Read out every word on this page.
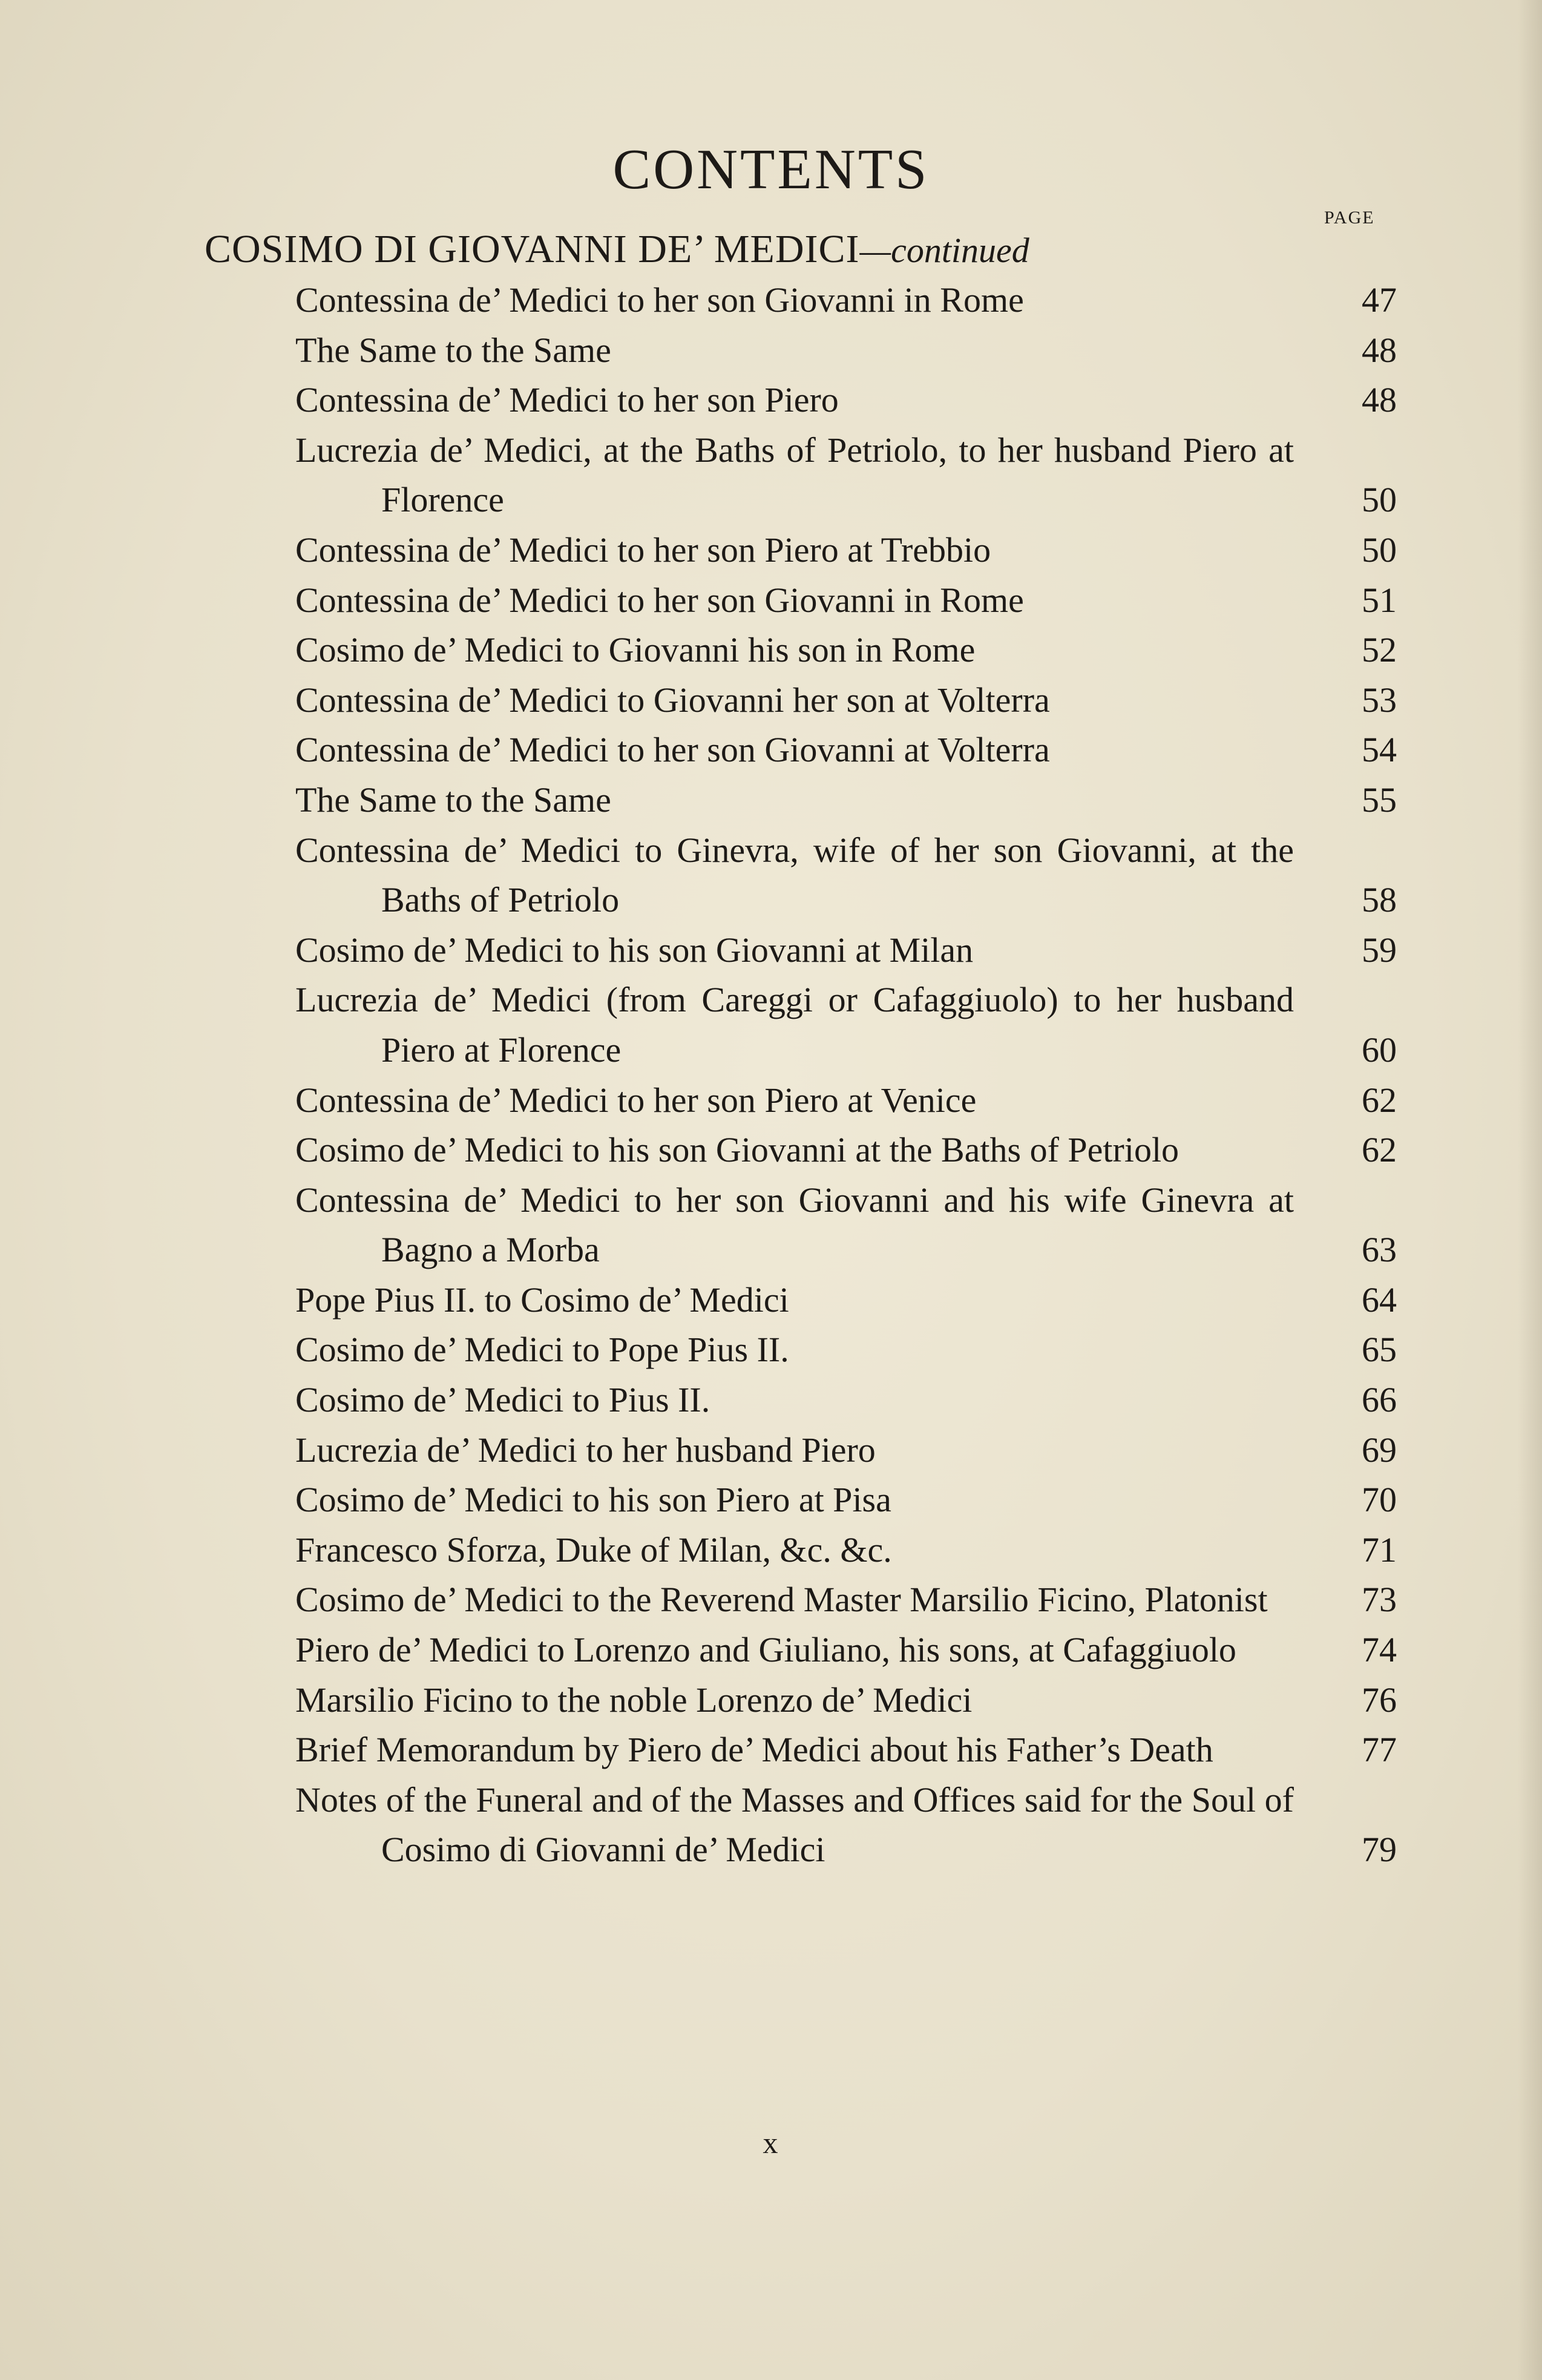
CONTENTS
PAGE
COSIMO DI GIOVANNI DE’ MEDICI—continued
Contessina de’ Medici to her son Giovanni in Rome	47
The Same to the Same	48
Contessina de’ Medici to her son Piero	48
Lucrezia de’ Medici, at the Baths of Petriolo, to her husband Piero at Florence	50
Contessina de’ Medici to her son Piero at Trebbio	50
Contessina de’ Medici to her son Giovanni in Rome	51
Cosimo de’ Medici to Giovanni his son in Rome	52
Contessina de’ Medici to Giovanni her son at Volterra	53
Contessina de’ Medici to her son Giovanni at Volterra	54
The Same to the Same	55
Contessina de’ Medici to Ginevra, wife of her son Giovanni, at the Baths of Petriolo	58
Cosimo de’ Medici to his son Giovanni at Milan	59
Lucrezia de’ Medici (from Careggi or Cafaggiuolo) to her husband Piero at Florence	60
Contessina de’ Medici to her son Piero at Venice	62
Cosimo de’ Medici to his son Giovanni at the Baths of Petriolo	62
Contessina de’ Medici to her son Giovanni and his wife Ginevra at Bagno a Morba	63
Pope Pius II. to Cosimo de’ Medici	64
Cosimo de’ Medici to Pope Pius II.	65
Cosimo de’ Medici to Pius II.	66
Lucrezia de’ Medici to her husband Piero	69
Cosimo de’ Medici to his son Piero at Pisa	70
Francesco Sforza, Duke of Milan, &c. &c.	71
Cosimo de’ Medici to the Reverend Master Marsilio Ficino, Platonist	73
Piero de’ Medici to Lorenzo and Giuliano, his sons, at Cafaggiuolo	74
Marsilio Ficino to the noble Lorenzo de’ Medici	76
Brief Memorandum by Piero de’ Medici about his Father’s Death	77
Notes of the Funeral and of the Masses and Offices said for the Soul of Cosimo di Giovanni de’ Medici	79
x
